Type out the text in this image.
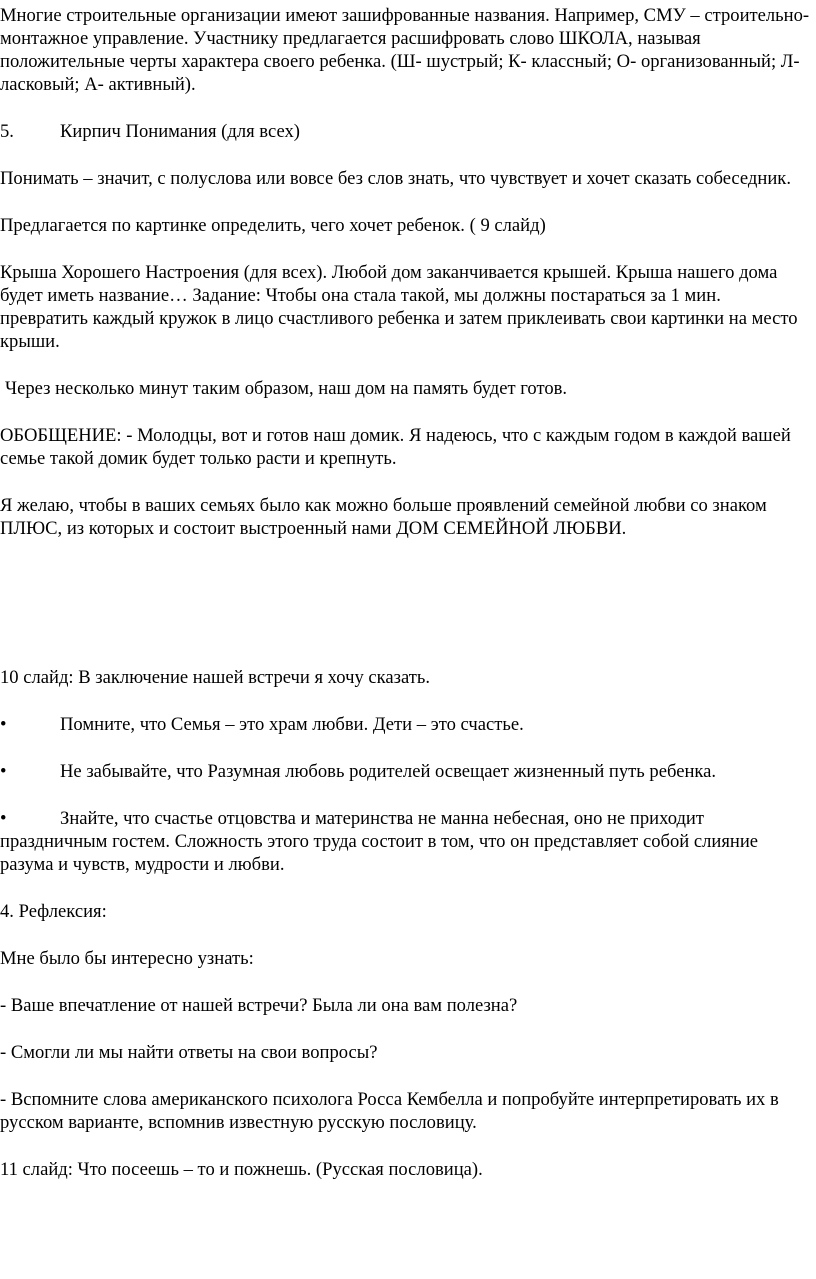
Многие строительные организации имеют зашифрованные названия. Например, СМУ – строительно-монтажное управление. Участнику предлагается расшифровать слово ШКОЛА, называя положительные черты характера своего ребенка. (Ш- шустрый; К- классный; О- организованный; Л- ласковый; А- активный).

5. Кирпич Понимания (для всех)

Понимать – значит, с полуслова или вовсе без слов знать, что чувствует и хочет сказать собеседник.

Предлагается по картинке определить, чего хочет ребенок. ( 9 слайд)

Крыша Хорошего Настроения (для всех). Любой дом заканчивается крышей. Крыша нашего дома будет иметь название… Задание: Чтобы она стала такой, мы должны постараться за 1 мин. превратить каждый кружок в лицо счастливого ребенка и затем приклеивать свои картинки на место крыши.

Через несколько минут таким образом, наш дом на память будет готов.

ОБОБЩЕНИЕ: - Молодцы, вот и готов наш домик. Я надеюсь, что с каждым годом в каждой вашей семье такой домик будет только расти и крепнуть.

Я желаю, чтобы в ваших семьях было как можно больше проявлений семейной любви со знаком ПЛЮС, из которых и состоит выстроенный нами ДОМ СЕМЕЙНОЙ ЛЮБВИ.

10 слайд: В заключение нашей встречи я хочу сказать.

•	Помните, что Семья – это храм любви. Дети – это счастье.

•	Не забывайте, что Разумная любовь родителей освещает жизненный путь ребенка.

•	Знайте, что счастье отцовства и материнства не манна небесная, оно не приходит праздничным гостем. Сложность этого труда состоит в том, что он представляет собой слияние разума и чувств, мудрости и любви.

4. Рефлексия:

Мне было бы интересно узнать:

- Ваше впечатление от нашей встречи? Была ли она вам полезна?

- Смогли ли мы найти ответы на свои вопросы?

- Вспомните слова американского психолога Росса Кембелла и попробуйте интерпретировать их в русском варианте, вспомнив известную русскую пословицу.

11 слайд: Что посеешь – то и пожнешь. (Русская пословица).
